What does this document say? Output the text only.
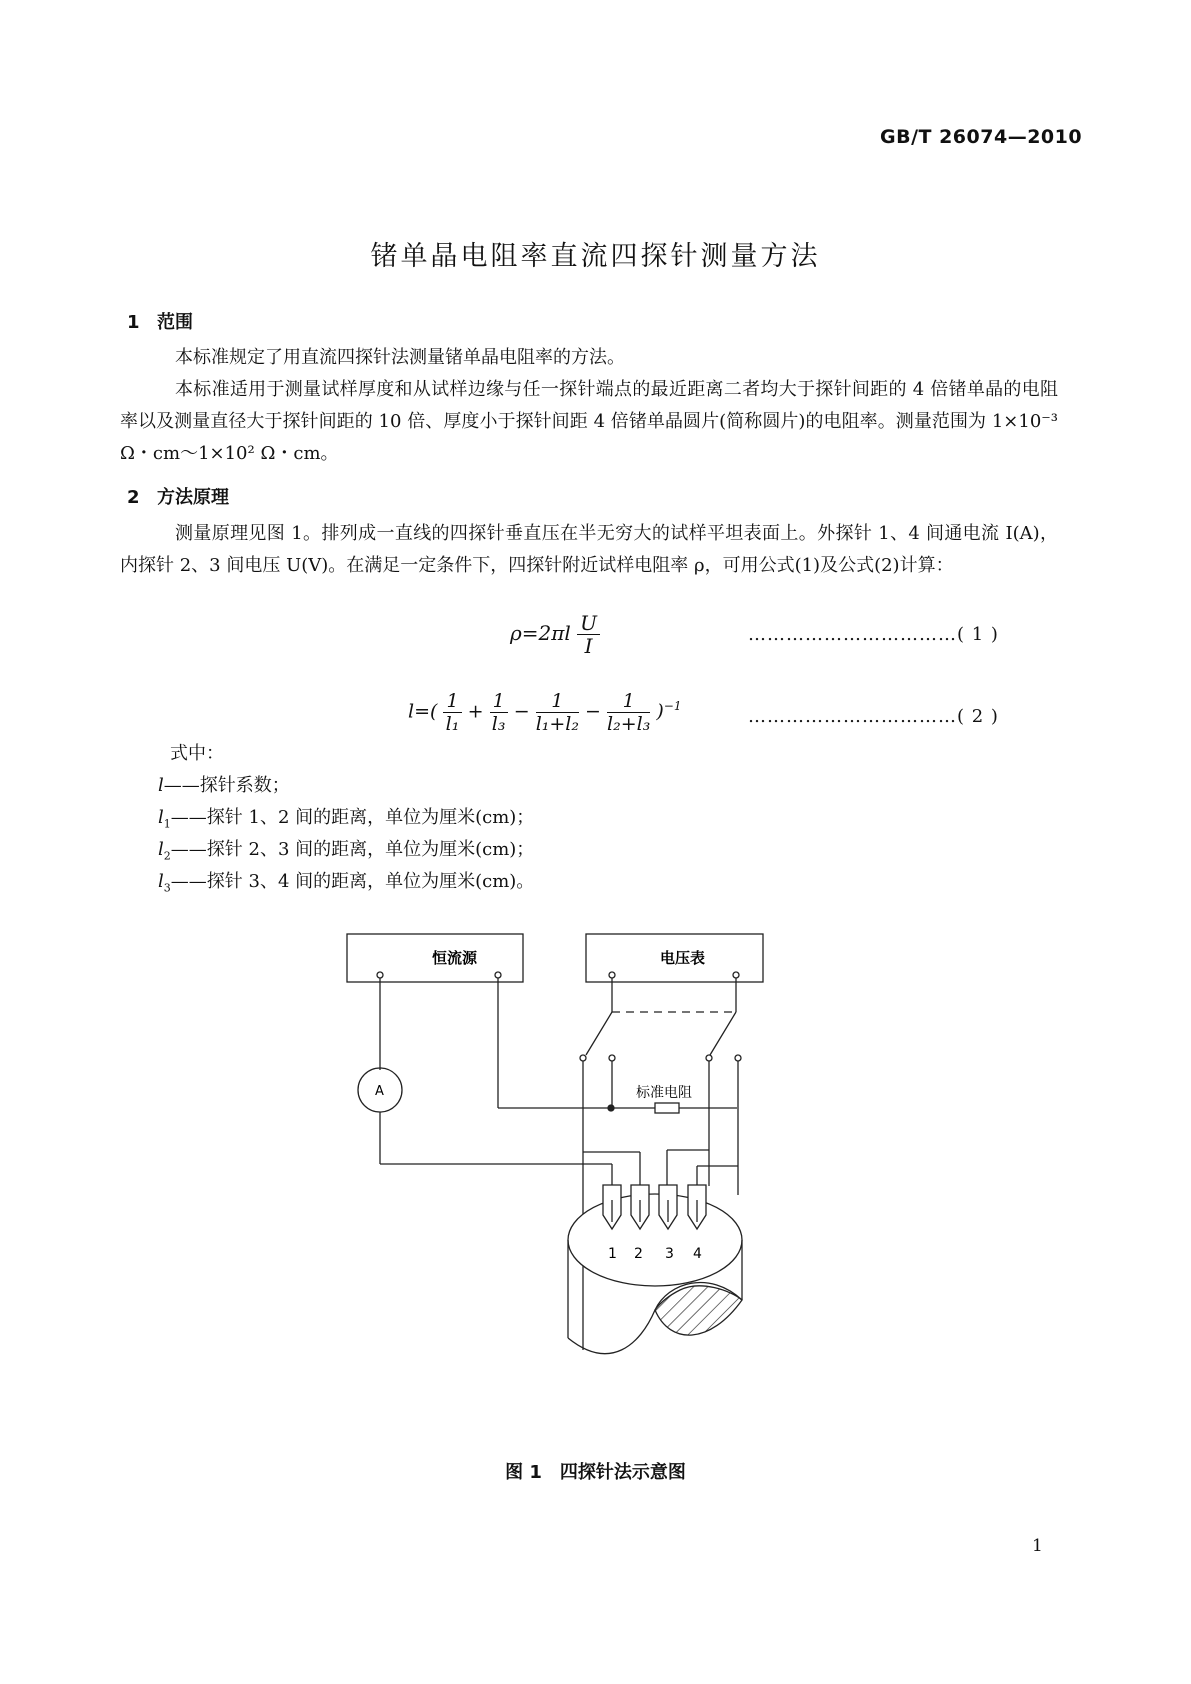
GB/T 26074—2010
锗单晶电阻率直流四探针测量方法
1 范围
本标准规定了用直流四探针法测量锗单晶电阻率的方法。
本标准适用于测量试样厚度和从试样边缘与任一探针端点的最近距离二者均大于探针间距的 4 倍锗单晶的电阻率以及测量直径大于探针间距的 10 倍、厚度小于探针间距 4 倍锗单晶圆片(简称圆片)的电阻率。测量范围为 1×10⁻³ Ω・cm～1×10² Ω・cm。
2 方法原理
测量原理见图 1。排列成一直线的四探针垂直压在半无穷大的试样平坦表面上。外探针 1、4 间通电流 I(A)，内探针 2、3 间电压 U(V)。在满足一定条件下，四探针附近试样电阻率 ρ，可用公式(1)及公式(2)计算：
$\rho=2\pi l \frac{U}{I}$	……………………………( 1 )
$l=( \frac{1}{\text{l₁}} + \frac{1}{\text{l₃}} - \frac{1}{\text{l₁+l₂}} - \frac{1}{\text{l₂+l₃}} )^{-1}$	……………………………( 2 )
式中：
l——探针系数；
$l_1——$探针 1、2 间的距离，单位为厘米(cm)；
$l_2——$探针 2、3 间的距离，单位为厘米(cm)；
$l_3——$探针 3、4 间的距离，单位为厘米(cm)。
恒流源	电压表
A	标准电阻
1 2 3 4
图 1　四探针法示意图
1
